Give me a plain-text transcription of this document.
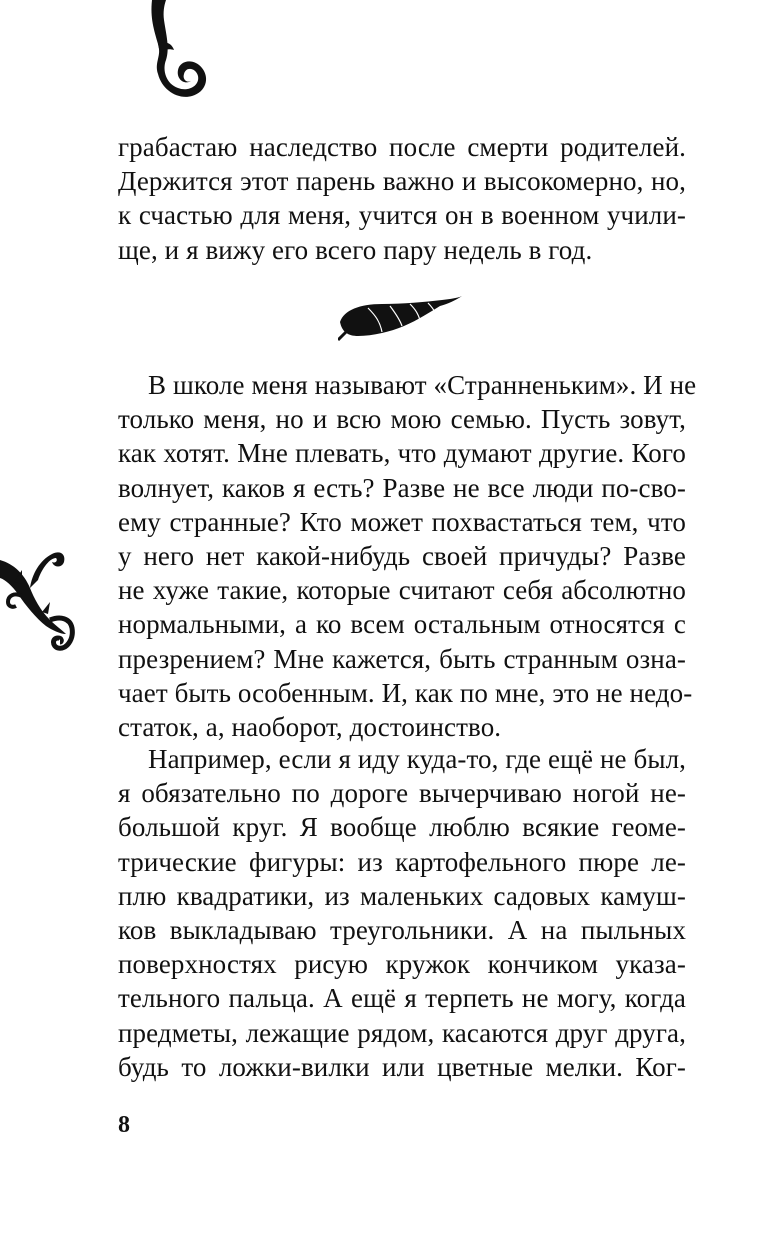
грабастаю наследство после смерти родителей.
Держится этот парень важно и высокомерно, но,
к счастью для меня, учится он в военном учили-
ще, и я вижу его всего пару недель в год.
В школе меня называют «Странненьким». И не
только меня, но и всю мою семью. Пусть зовут,
как хотят. Мне плевать, что думают другие. Кого
волнует, каков я есть? Разве не все люди по-сво-
ему странные? Кто может похвастаться тем, что
у него нет какой-нибудь своей причуды? Разве
не хуже такие, которые считают себя абсолютно
нормальными, а ко всем остальным относятся с
презрением? Мне кажется, быть странным озна-
чает быть особенным. И, как по мне, это не недо-
статок, а, наоборот, достоинство.
Например, если я иду куда-то, где ещё не был,
я обязательно по дороге вычерчиваю ногой не-
большой круг. Я вообще люблю всякие геоме-
трические фигуры: из картофельного пюре ле-
плю квадратики, из маленьких садовых камуш-
ков выкладываю треугольники. А на пыльных
поверхностях рисую кружок кончиком указа-
тельного пальца. А ещё я терпеть не могу, когда
предметы, лежащие рядом, касаются друг друга,
будь то ложки-вилки или цветные мелки. Ког-
8
